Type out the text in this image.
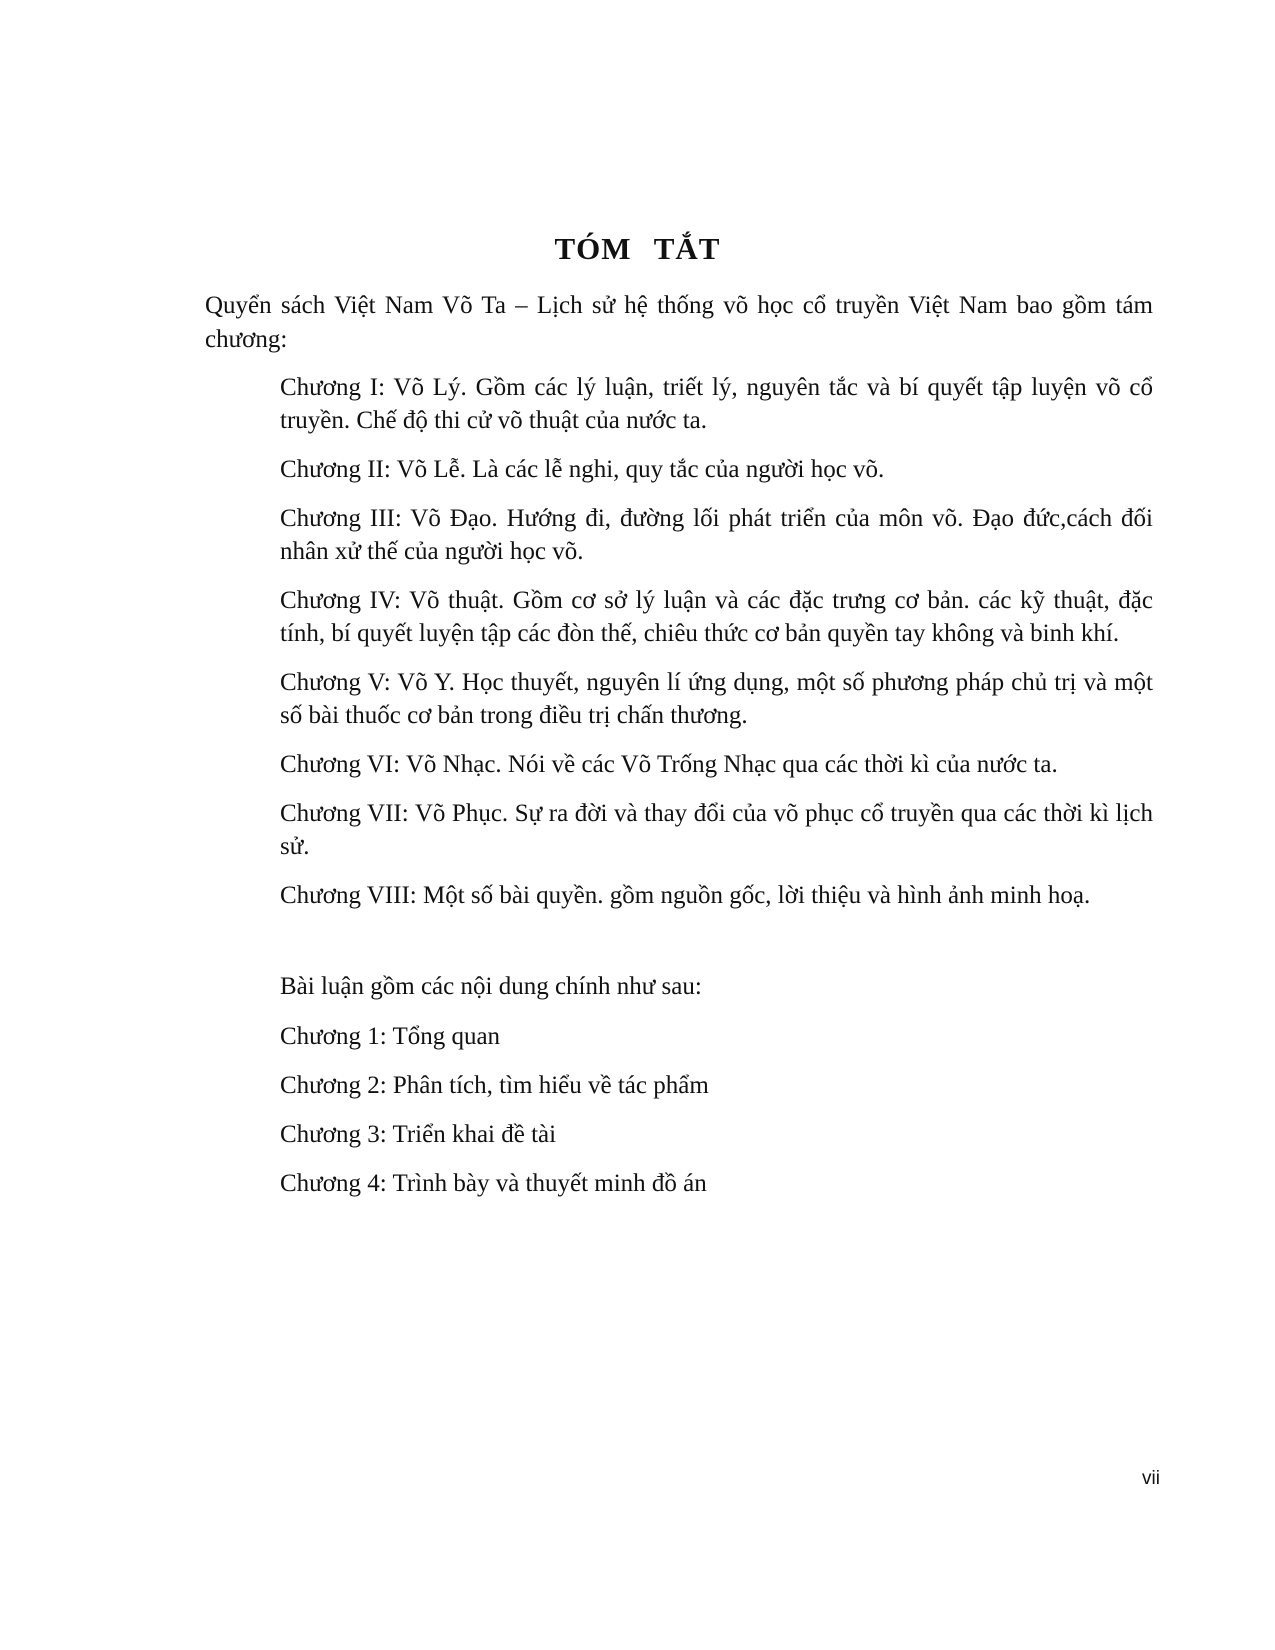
TÓM TẮT

Quyển sách Việt Nam Võ Ta – Lịch sử hệ thống võ học cổ truyền Việt Nam bao gồm tám chương:

Chương I: Võ Lý. Gồm các lý luận, triết lý, nguyên tắc và bí quyết tập luyện võ cổ truyền. Chế độ thi cử võ thuật của nước ta.
Chương II: Võ Lễ. Là các lễ nghi, quy tắc của người học võ.
Chương III: Võ Đạo. Hướng đi, đường lối phát triển của môn võ. Đạo đức,cách đối nhân xử thế của người học võ.
Chương IV: Võ thuật. Gồm cơ sở lý luận và các đặc trưng cơ bản. các kỹ thuật, đặc tính, bí quyết luyện tập các đòn thế, chiêu thức cơ bản quyền tay không và binh khí.
Chương V: Võ Y. Học thuyết, nguyên lí ứng dụng, một số phương pháp chủ trị và một số bài thuốc cơ bản trong điều trị chấn thương.
Chương VI: Võ Nhạc. Nói về các Võ Trống Nhạc qua các thời kì của nước ta.
Chương VII: Võ Phục. Sự ra đời và thay đổi của võ phục cổ truyền qua các thời kì lịch sử.
Chương VIII: Một số bài quyền. gồm nguồn gốc, lời thiệu và hình ảnh minh hoạ.

Bài luận gồm các nội dung chính như sau:

Chương 1: Tổng quan
Chương 2: Phân tích, tìm hiểu về tác phẩm
Chương 3: Triển khai đề tài
Chương 4: Trình bày và thuyết minh đồ án

vii
